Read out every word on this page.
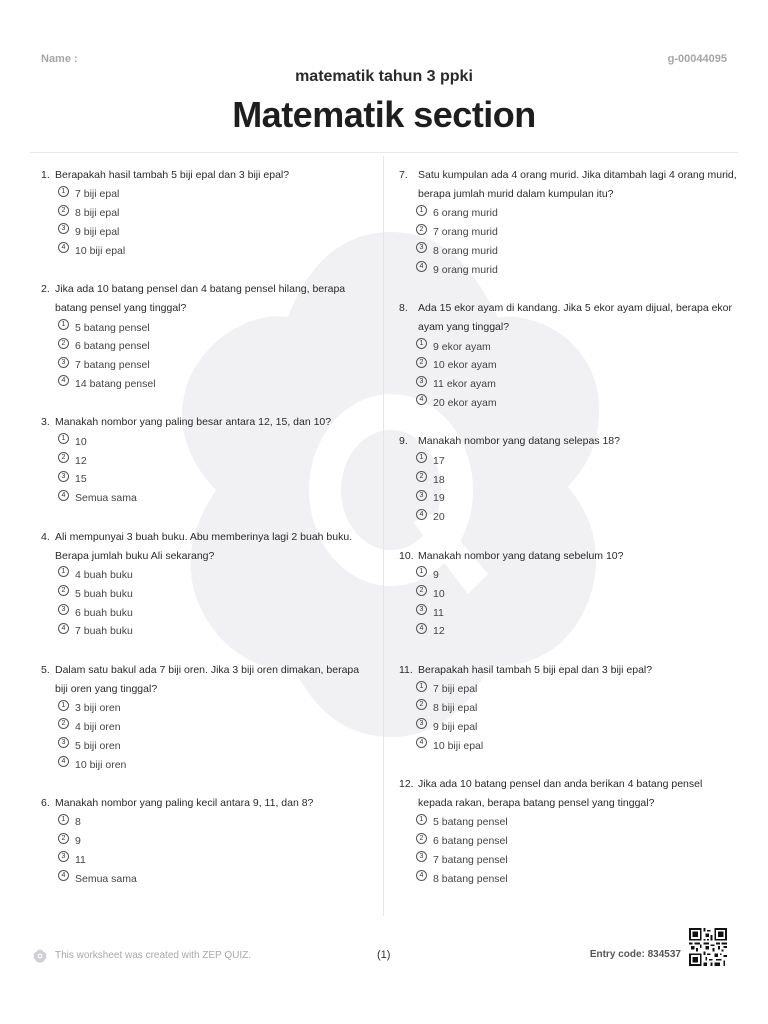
Name :	g-00044095
matematik tahun 3 ppki
Matematik section
1. Berapakah hasil tambah 5 biji epal dan 3 biji epal?
1 7 biji epal
2 8 biji epal
3 9 biji epal
4 10 biji epal
2. Jika ada 10 batang pensel dan 4 batang pensel hilang, berapa batang pensel yang tinggal?
1 5 batang pensel
2 6 batang pensel
3 7 batang pensel
4 14 batang pensel
3. Manakah nombor yang paling besar antara 12, 15, dan 10?
1 10
2 12
3 15
4 Semua sama
4. Ali mempunyai 3 buah buku. Abu memberinya lagi 2 buah buku. Berapa jumlah buku Ali sekarang?
1 4 buah buku
2 5 buah buku
3 6 buah buku
4 7 buah buku
5. Dalam satu bakul ada 7 biji oren. Jika 3 biji oren dimakan, berapa biji oren yang tinggal?
1 3 biji oren
2 4 biji oren
3 5 biji oren
4 10 biji oren
6. Manakah nombor yang paling kecil antara 9, 11, dan 8?
1 8
2 9
3 11
4 Semua sama
7. Satu kumpulan ada 4 orang murid. Jika ditambah lagi 4 orang murid, berapa jumlah murid dalam kumpulan itu?
1 6 orang murid
2 7 orang murid
3 8 orang murid
4 9 orang murid
8. Ada 15 ekor ayam di kandang. Jika 5 ekor ayam dijual, berapa ekor ayam yang tinggal?
1 9 ekor ayam
2 10 ekor ayam
3 11 ekor ayam
4 20 ekor ayam
9. Manakah nombor yang datang selepas 18?
1 17
2 18
3 19
4 20
10. Manakah nombor yang datang sebelum 10?
1 9
2 10
3 11
4 12
11. Berapakah hasil tambah 5 biji epal dan 3 biji epal?
1 7 biji epal
2 8 biji epal
3 9 biji epal
4 10 biji epal
12. Jika ada 10 batang pensel dan anda berikan 4 batang pensel kepada rakan, berapa batang pensel yang tinggal?
1 5 batang pensel
2 6 batang pensel
3 7 batang pensel
4 8 batang pensel
This worksheet was created with ZEP QUIZ.	(1)	Entry code: 834537
